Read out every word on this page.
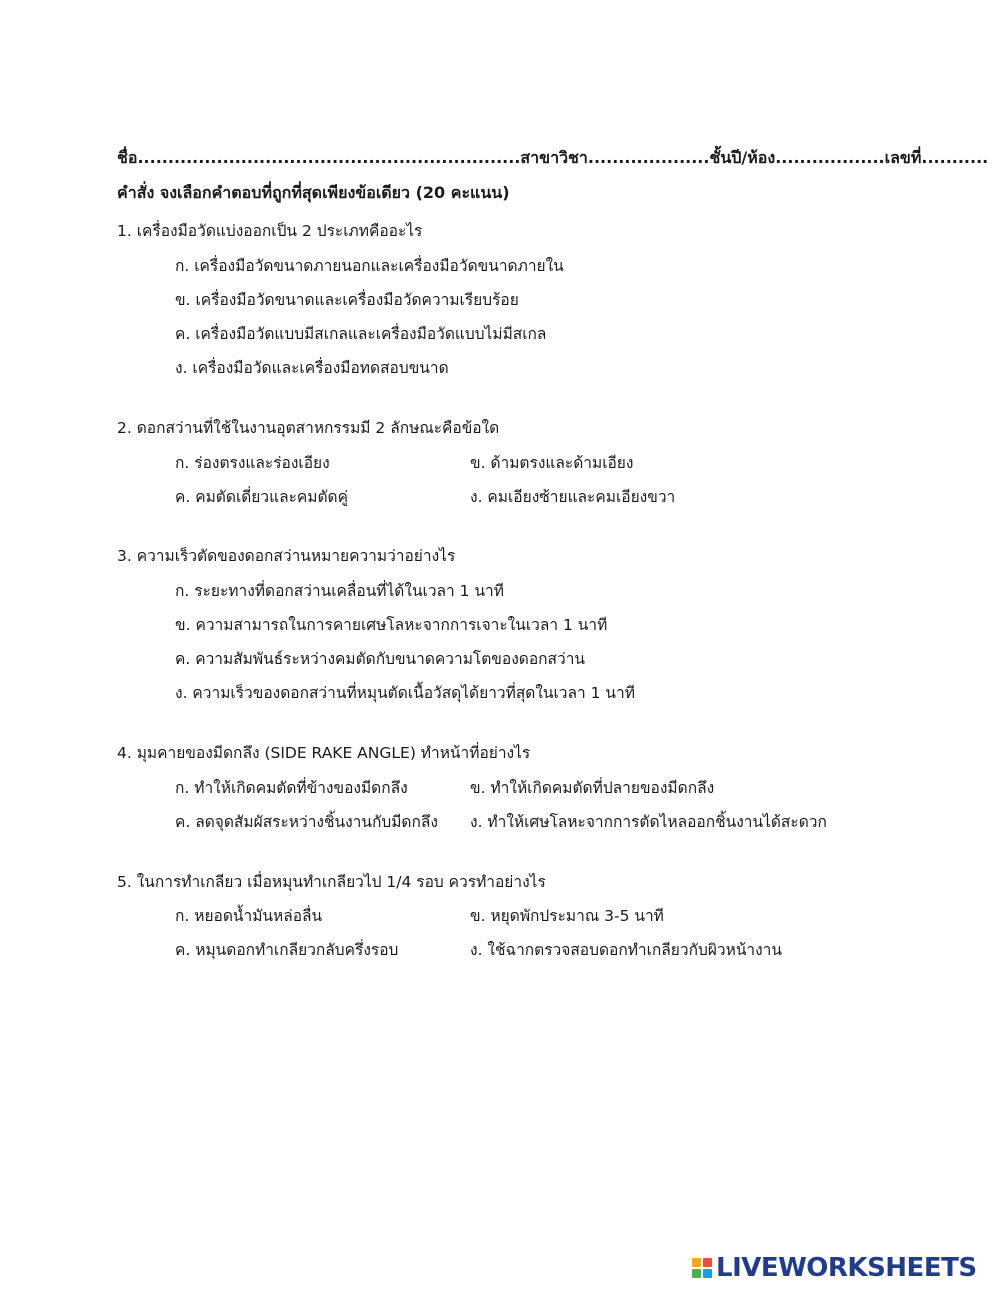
ชื่อ...............................................................สาขาวิชา....................ชั้นปี/ห้อง..................เลขที่...........
คำสั่ง จงเลือกคำตอบที่ถูกที่สุดเพียงข้อเดียว (20 คะแนน)
1. เครื่องมือวัดแบ่งออกเป็น 2 ประเภทคืออะไร
ก. เครื่องมือวัดขนาดภายนอกและเครื่องมือวัดขนาดภายใน
ข. เครื่องมือวัดขนาดและเครื่องมือวัดความเรียบร้อย
ค. เครื่องมือวัดแบบมีสเกลและเครื่องมือวัดแบบไม่มีสเกล
ง. เครื่องมือวัดและเครื่องมือทดสอบขนาด
2. ดอกสว่านที่ใช้ในงานอุตสาหกรรมมี 2 ลักษณะคือข้อใด
ก. ร่องตรงและร่องเอียง	ข. ด้ามตรงและด้ามเอียง
ค. คมตัดเดี่ยวและคมตัดคู่	ง. คมเอียงซ้ายและคมเอียงขวา
3. ความเร็วตัดของดอกสว่านหมายความว่าอย่างไร
ก. ระยะทางที่ดอกสว่านเคลื่อนที่ได้ในเวลา 1 นาที
ข. ความสามารถในการคายเศษโลหะจากการเจาะในเวลา 1 นาที
ค. ความสัมพันธ์ระหว่างคมตัดกับขนาดความโตของดอกสว่าน
ง. ความเร็วของดอกสว่านที่หมุนตัดเนื้อวัสดุได้ยาวที่สุดในเวลา 1 นาที
4. มุมคายของมีดกลึง (SIDE RAKE ANGLE) ทำหน้าที่อย่างไร
ก. ทำให้เกิดคมตัดที่ข้างของมีดกลึง	ข. ทำให้เกิดคมตัดที่ปลายของมีดกลึง
ค. ลดจุดสัมผัสระหว่างชิ้นงานกับมีดกลึง ง. ทำให้เศษโลหะจากการตัดไหลออกชิ้นงานได้สะดวก
5. ในการทำเกลียว เมื่อหมุนทำเกลียวไป 1/4 รอบ ควรทำอย่างไร
ก. หยอดน้ำมันหล่อลื่น	ข. หยุดพักประมาณ 3-5 นาที
ค. หมุนดอกทำเกลียวกลับครึ่งรอบ	ง. ใช้ฉากตรวจสอบดอกทำเกลียวกับผิวหน้างาน
LIVEWORKSHEETS
